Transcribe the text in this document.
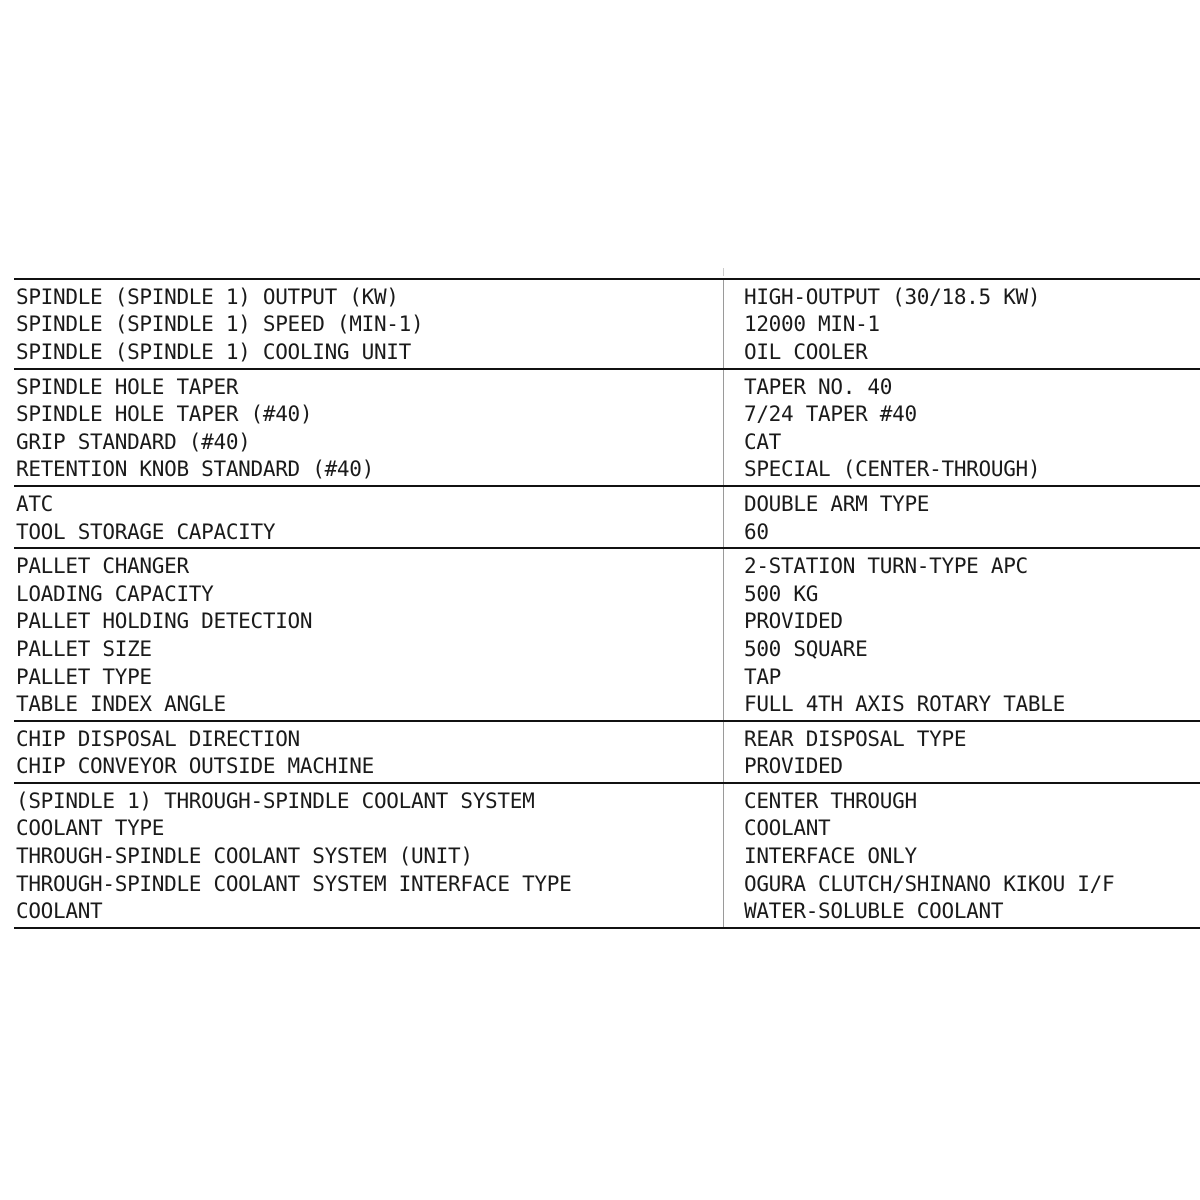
SPINDLE (SPINDLE 1) OUTPUT (KW)	HIGH-OUTPUT (30/18.5 KW)
SPINDLE (SPINDLE 1) SPEED (MIN-1)	12000 MIN-1
SPINDLE (SPINDLE 1) COOLING UNIT	OIL COOLER
SPINDLE HOLE TAPER	TAPER NO. 40
SPINDLE HOLE TAPER (#40)	7/24 TAPER #40
GRIP STANDARD (#40)	CAT
RETENTION KNOB STANDARD (#40)	SPECIAL (CENTER-THROUGH)
ATC	DOUBLE ARM TYPE
TOOL STORAGE CAPACITY	60
PALLET CHANGER	2-STATION TURN-TYPE APC
LOADING CAPACITY	500 KG
PALLET HOLDING DETECTION	PROVIDED
PALLET SIZE	500 SQUARE
PALLET TYPE	TAP
TABLE INDEX ANGLE	FULL 4TH AXIS ROTARY TABLE
CHIP DISPOSAL DIRECTION	REAR DISPOSAL TYPE
CHIP CONVEYOR OUTSIDE MACHINE	PROVIDED
(SPINDLE 1) THROUGH-SPINDLE COOLANT SYSTEM	CENTER THROUGH
COOLANT TYPE	COOLANT
THROUGH-SPINDLE COOLANT SYSTEM (UNIT)	INTERFACE ONLY
THROUGH-SPINDLE COOLANT SYSTEM INTERFACE TYPE	OGURA CLUTCH/SHINANO KIKOU I/F
COOLANT	WATER-SOLUBLE COOLANT
